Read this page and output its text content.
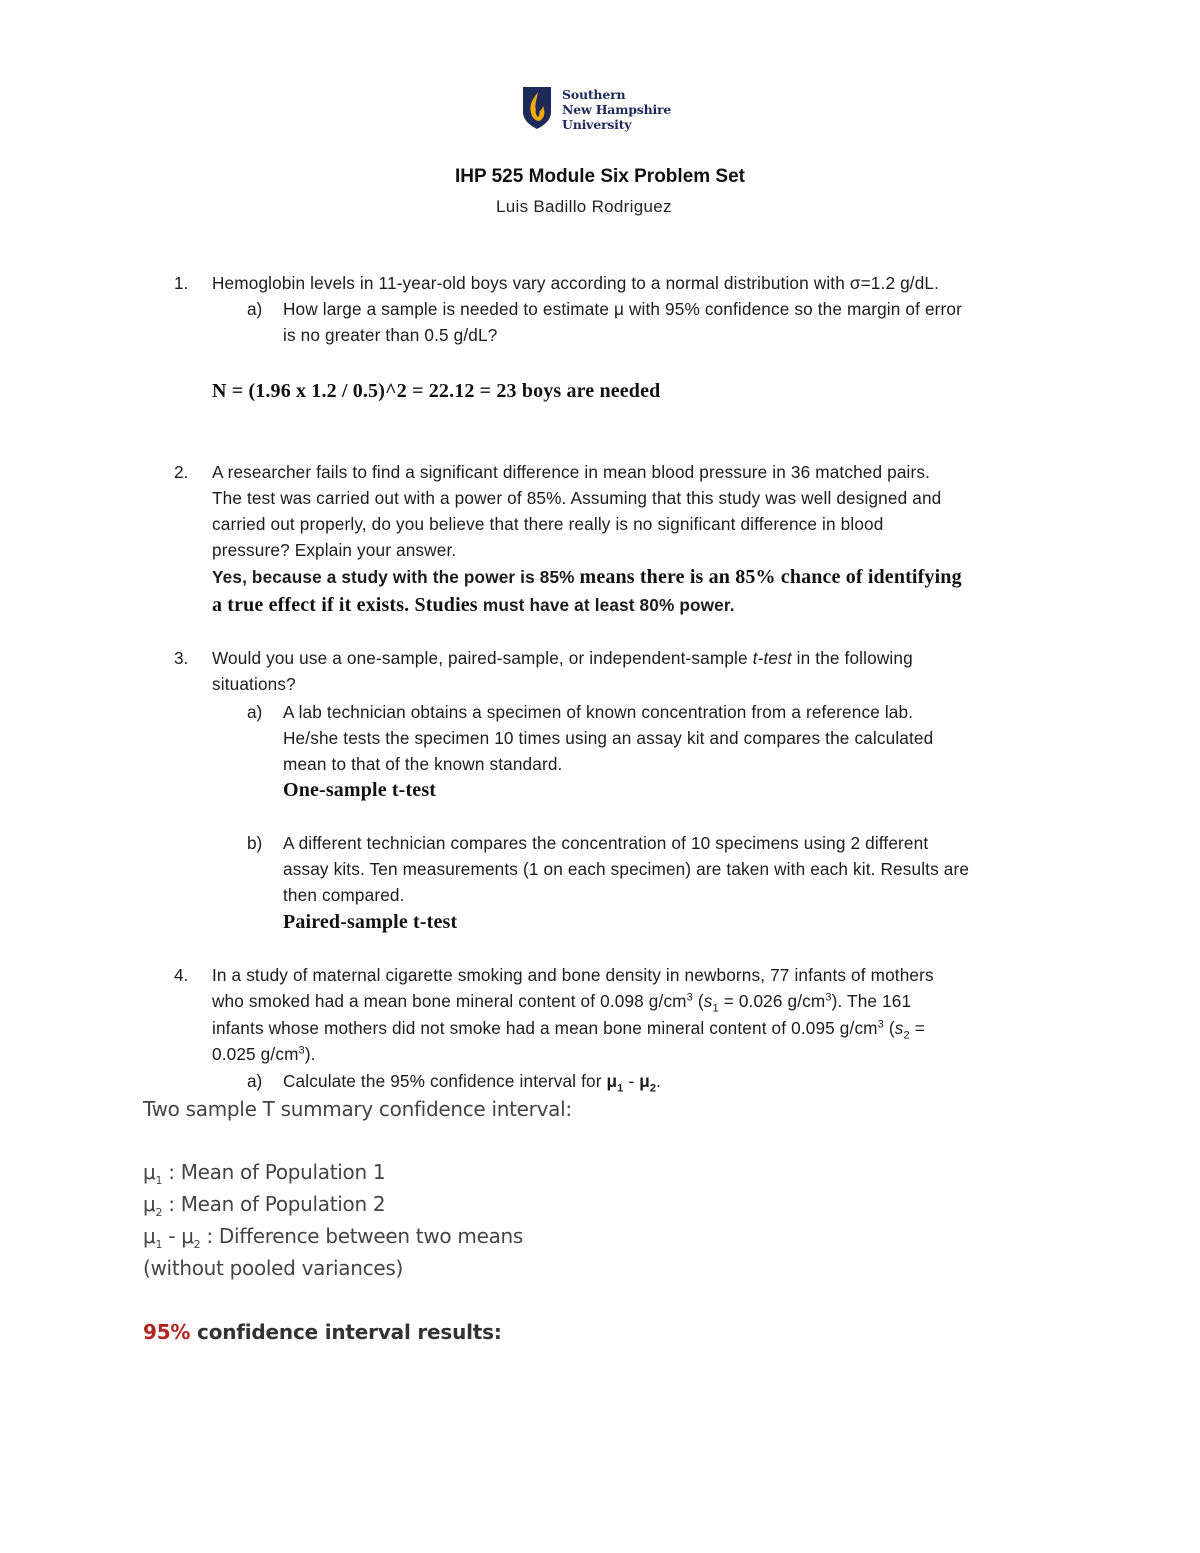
Southern
New Hampshire
University
IHP 525 Module Six Problem Set
Luis Badillo Rodriguez
1. Hemoglobin levels in 11-year-old boys vary according to a normal distribution with σ=1.2 g/dL.
a) How large a sample is needed to estimate μ with 95% confidence so the margin of error
is no greater than 0.5 g/dL?
N = (1.96 x 1.2 / 0.5)^2 = 22.12 = 23 boys are needed
2. A researcher fails to find a significant difference in mean blood pressure in 36 matched pairs.
The test was carried out with a power of 85%. Assuming that this study was well designed and
carried out properly, do you believe that there really is no significant difference in blood
pressure? Explain your answer.
Yes, because a study with the power is 85% means there is an 85% chance of identifying
a true effect if it exists. Studies must have at least 80% power.
3. Would you use a one-sample, paired-sample, or independent-sample t-test in the following
situations?
a) A lab technician obtains a specimen of known concentration from a reference lab.
He/she tests the specimen 10 times using an assay kit and compares the calculated
mean to that of the known standard.
One-sample t-test
b) A different technician compares the concentration of 10 specimens using 2 different
assay kits. Ten measurements (1 on each specimen) are taken with each kit. Results are
then compared.
Paired-sample t-test
4. In a study of maternal cigarette smoking and bone density in newborns, 77 infants of mothers
who smoked had a mean bone mineral content of 0.098 $g/cm^3$ ($s_1 = 0.026$ $g/cm^3$). The 161
infants whose mothers did not smoke had a mean bone mineral content of 0.095 $g/cm^3$ ($s_2$ =
0.025 $g/cm^3$).
a) Calculate the 95% confidence interval for $\mu_1 - \mu_2$.
Two sample T summary confidence interval:
$\mu_1$ : Mean of Population 1
$\mu_2$ : Mean of Population 2
$\mu_1 - \mu_2$ : Difference between two means
(without pooled variances)
95% confidence interval results:
